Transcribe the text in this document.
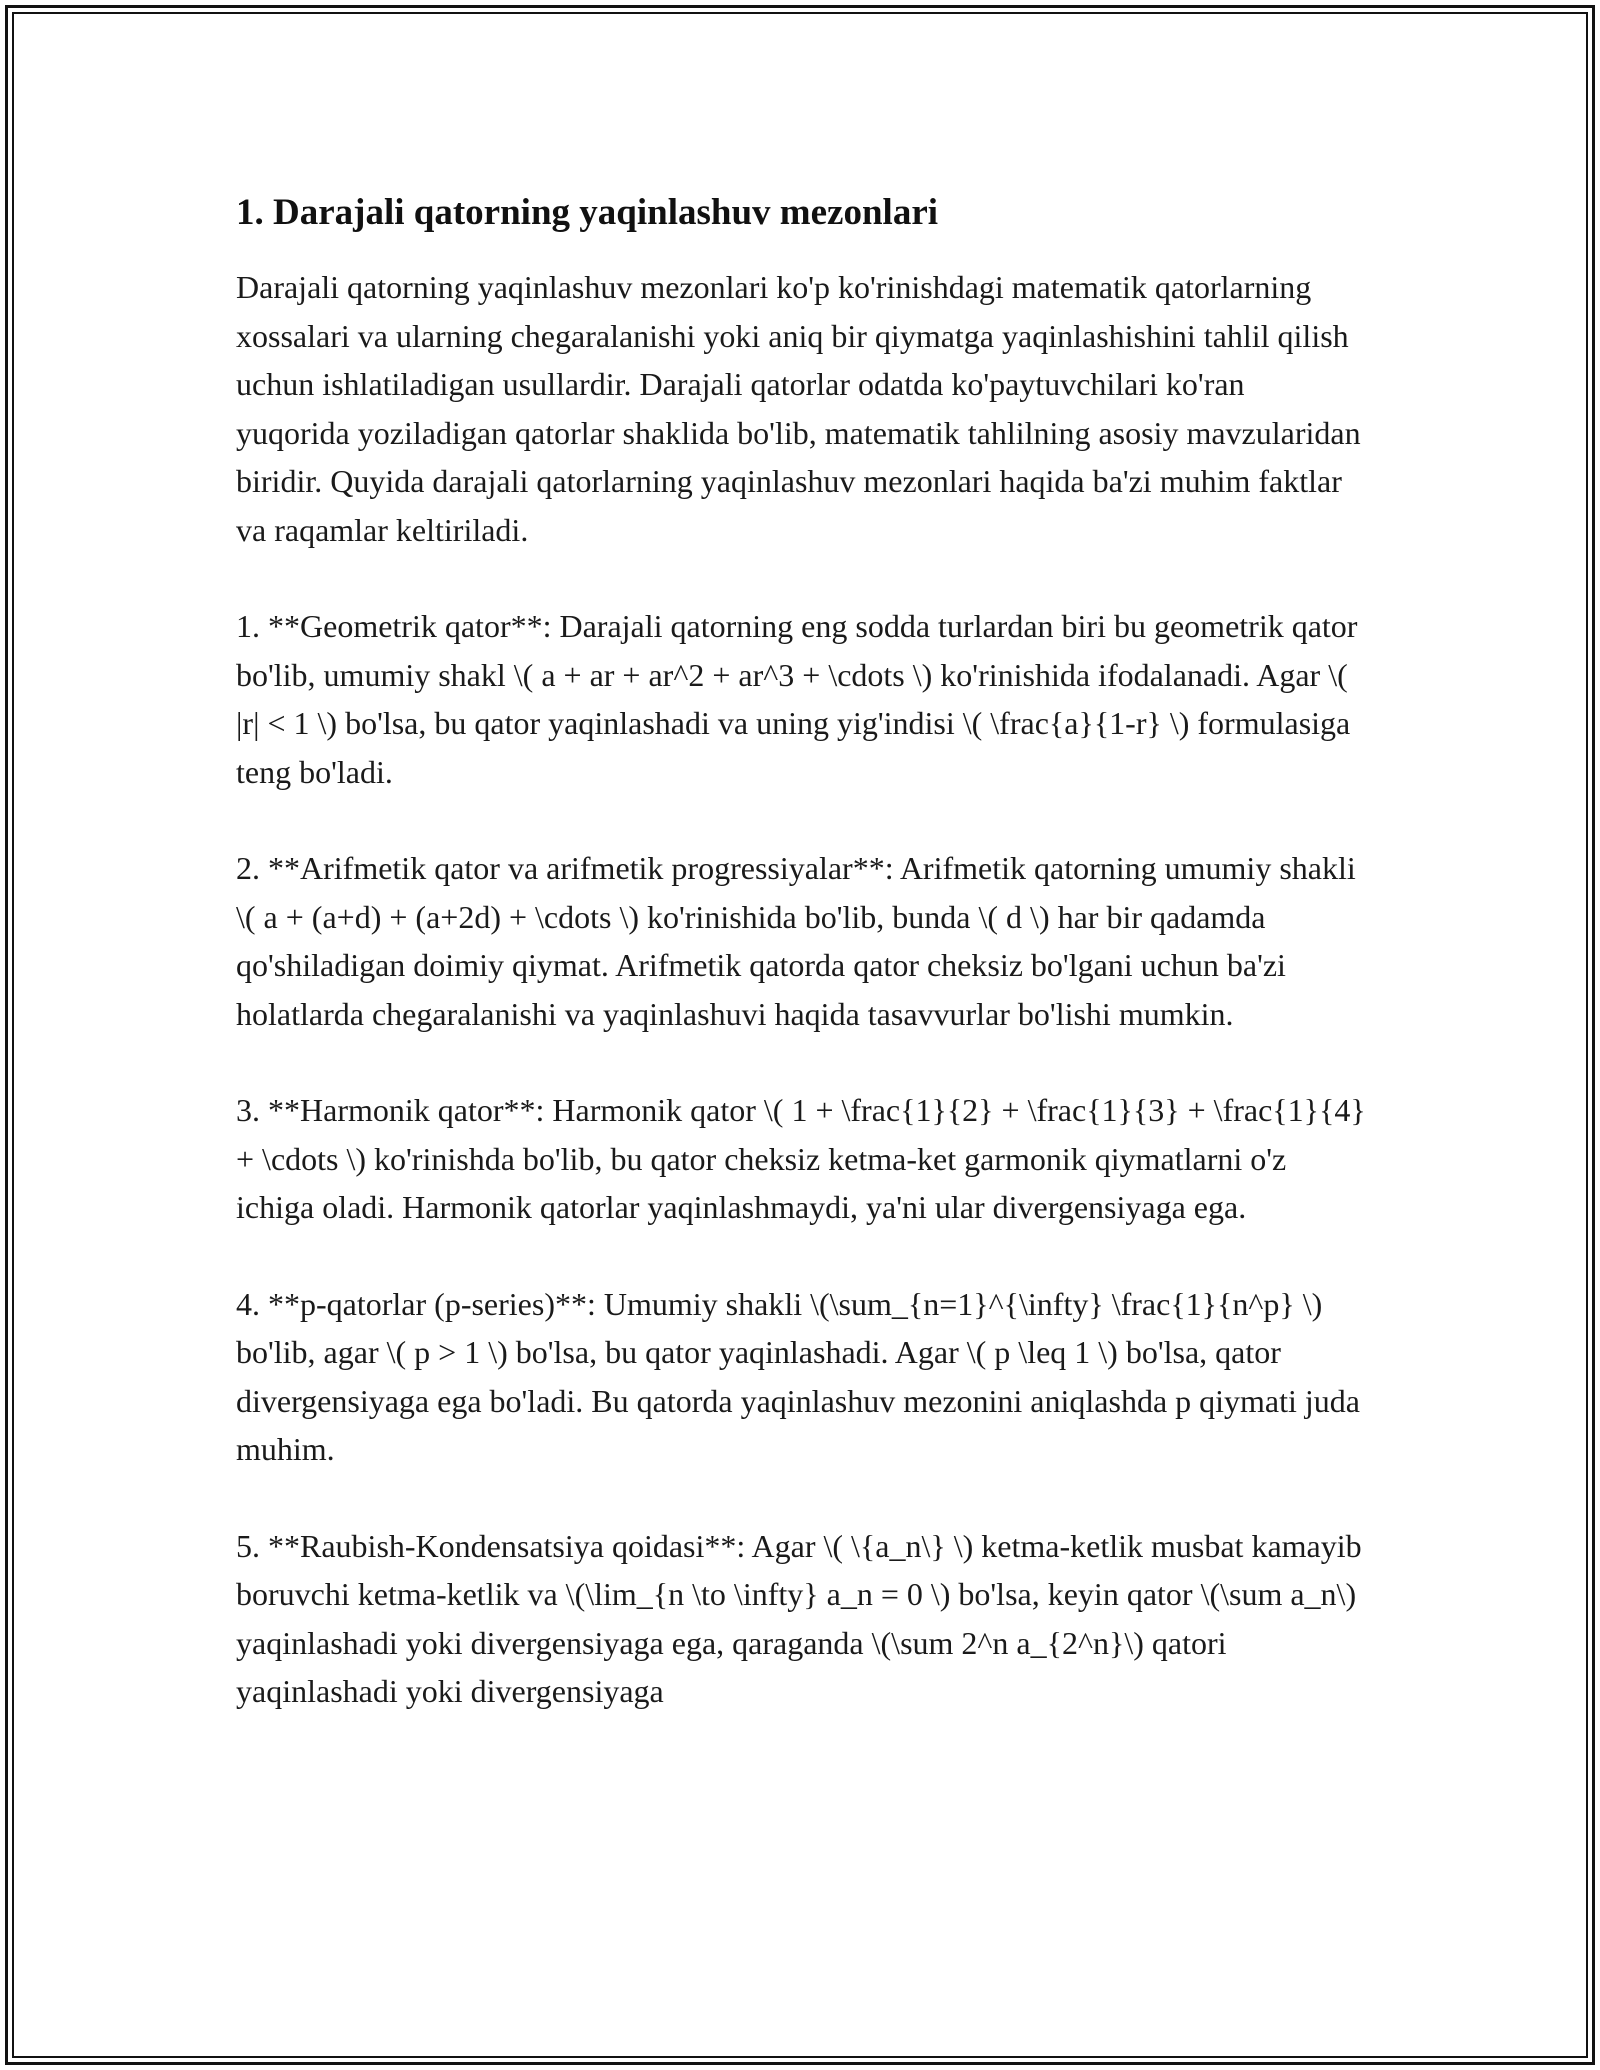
1. Darajali qatorning yaqinlashuv mezonlari

Darajali qatorning yaqinlashuv mezonlari ko'p ko'rinishdagi matematik qatorlarning xossalari va ularning chegaralanishi yoki aniq bir qiymatga yaqinlashishini tahlil qilish uchun ishlatiladigan usullardir. Darajali qatorlar odatda ko'paytuvchilari ko'ran yuqorida yoziladigan qatorlar shaklida bo'lib, matematik tahlilning asosiy mavzularidan biridir. Quyida darajali qatorlarning yaqinlashuv mezonlari haqida ba'zi muhim faktlar va raqamlar keltiriladi.

1. **Geometrik qator**: Darajali qatorning eng sodda turlardan biri bu geometrik qator bo'lib, umumiy shakl \( a + ar + ar^2 + ar^3 + \cdots \) ko'rinishida ifodalanadi. Agar \( |r| < 1 \) bo'lsa, bu qator yaqinlashadi va uning yig'indisi \( \frac{a}{1-r} \) formulasiga teng bo'ladi.

2. **Arifmetik qator va arifmetik progressiyalar**: Arifmetik qatorning umumiy shakli \( a + (a+d) + (a+2d) + \cdots \) ko'rinishida bo'lib, bunda \( d \) har bir qadamda qo'shiladigan doimiy qiymat. Arifmetik qatorda qator cheksiz bo'lgani uchun ba'zi holatlarda chegaralanishi va yaqinlashuvi haqida tasavvurlar bo'lishi mumkin.

3. **Harmonik qator**: Harmonik qator \( 1 + \frac{1}{2} + \frac{1}{3} + \frac{1}{4} + \cdots \) ko'rinishda bo'lib, bu qator cheksiz ketma-ket garmonik qiymatlarni o'z ichiga oladi. Harmonik qatorlar yaqinlashmaydi, ya'ni ular divergensiyaga ega.

4. **p-qatorlar (p-series)**: Umumiy shakli \(\sum_{n=1}^{\infty} \frac{1}{n^p} \) bo'lib, agar \( p > 1 \) bo'lsa, bu qator yaqinlashadi. Agar \( p \leq 1 \) bo'lsa, qator divergensiyaga ega bo'ladi. Bu qatorda yaqinlashuv mezonini aniqlashda p qiymati juda muhim.

5. **Raubish-Kondensatsiya qoidasi**: Agar \( \{a_n\} \) ketma-ketlik musbat kamayib boruvchi ketma-ketlik va \(\lim_{n \to \infty} a_n = 0 \) bo'lsa, keyin qator \(\sum a_n\) yaqinlashadi yoki divergensiyaga ega, qaraganda \(\sum 2^n a_{2^n}\) qatori yaqinlashadi yoki divergensiyaga
